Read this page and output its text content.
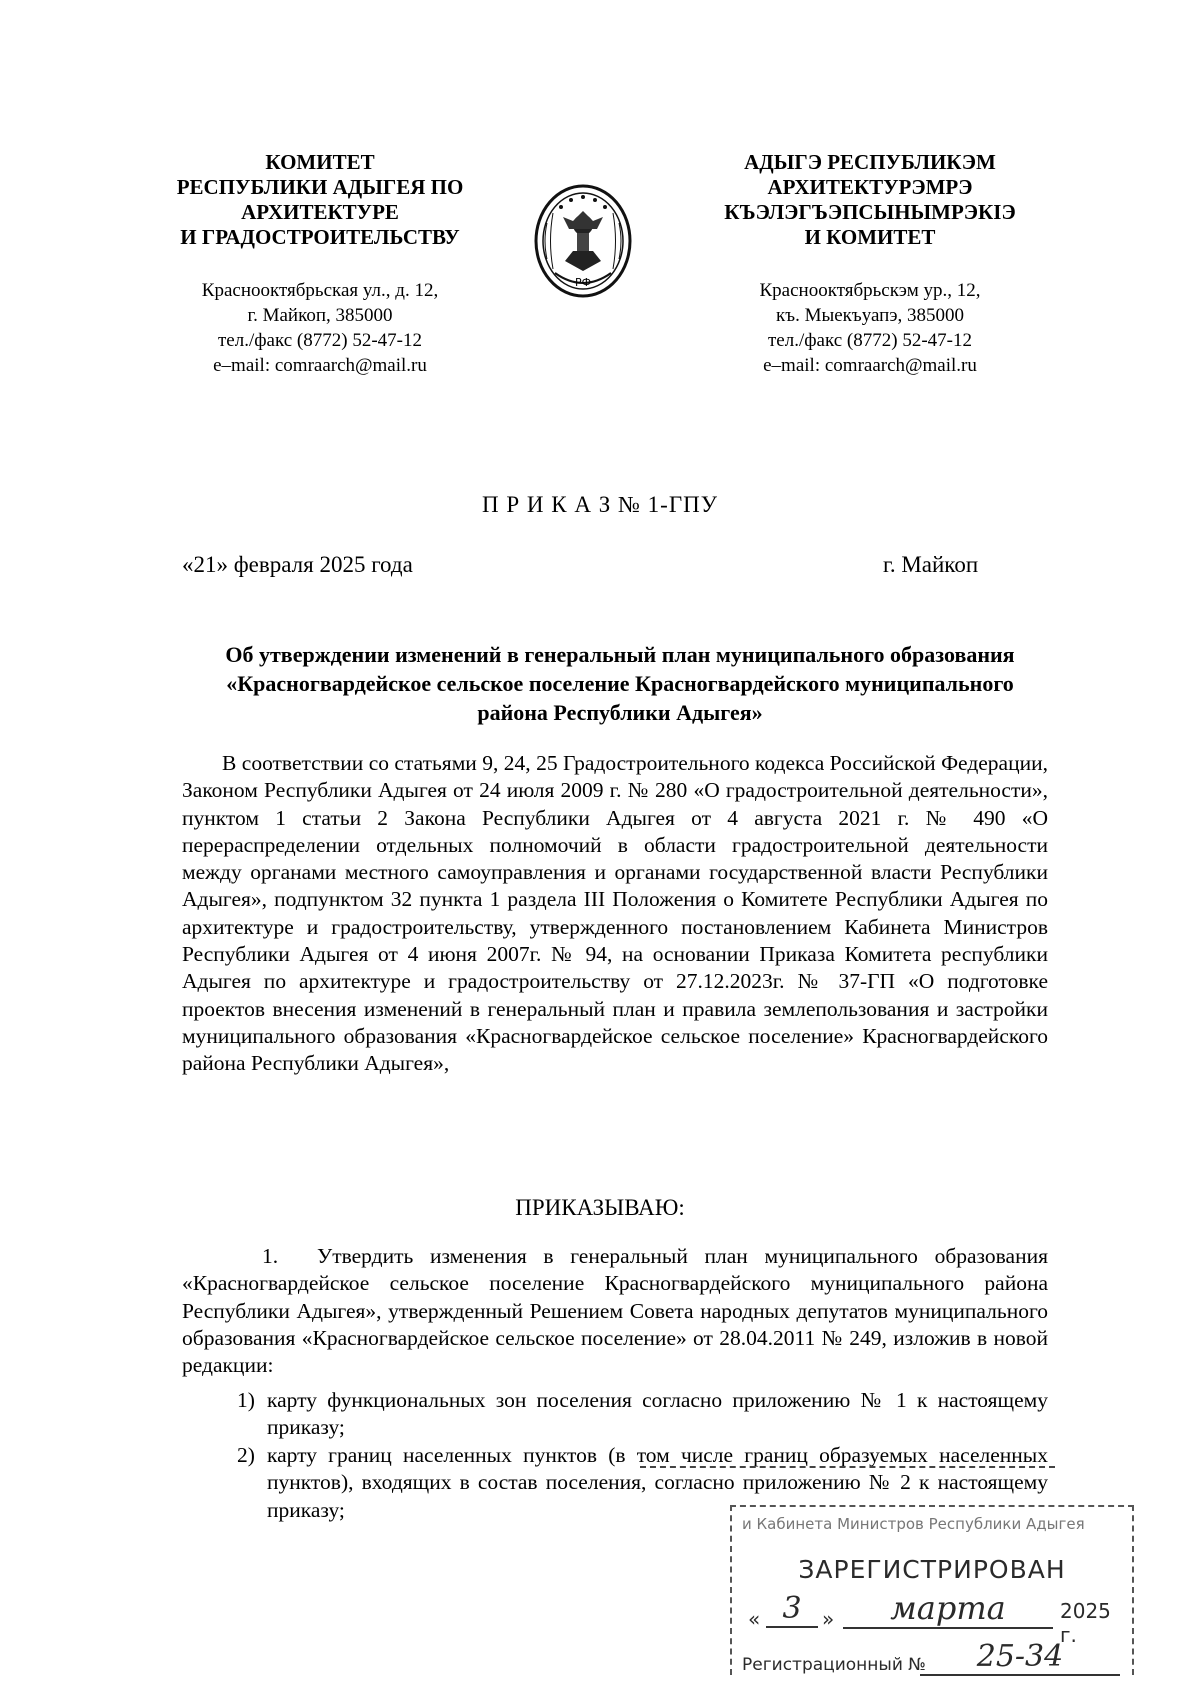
КОМИТЕТ
РЕСПУБЛИКИ АДЫГЕЯ ПО
АРХИТЕКТУРЕ
И ГРАДОСТРОИТЕЛЬСТВУ
Краснооктябрьская ул., д. 12,
г. Майкоп, 385000
тел./факс (8772) 52-47-12
e–mail: comraarch@mail.ru
РФ
АДЫГЭ РЕСПУБЛИКЭМ
АРХИТЕКТУРЭМРЭ
КЪЭЛЭГЪЭПСЫНЫМРЭКІЭ
И КОМИТЕТ
Краснооктябрьскэм ур., 12,
къ. Мыекъуапэ, 385000
тел./факс (8772) 52-47-12
e–mail: comraarch@mail.ru
П Р И К А З № 1-ГПУ
«21» февраля 2025 года	г. Майкоп
Об утверждении изменений в генеральный план муниципального образования «Красногвардейское сельское поселение Красногвардейского муниципального района Республики Адыгея»
В соответствии со статьями 9, 24, 25 Градостроительного кодекса Российской Федерации, Законом Республики Адыгея от 24 июля 2009 г. № 280 «О градостроительной деятельности», пунктом 1 статьи 2 Закона Республики Адыгея от 4 августа 2021 г. № 490 «О перераспределении отдельных полномочий в области градостроительной деятельности между органами местного самоуправления и органами государственной власти Республики Адыгея», подпунктом 32 пункта 1 раздела III Положения о Комитете Республики Адыгея по архитектуре и градостроительству, утвержденного постановлением Кабинета Министров Республики Адыгея от 4 июня 2007г. № 94, на основании Приказа Комитета республики Адыгея по архитектуре и градостроительству от 27.12.2023г. № 37-ГП «О подготовке проектов внесения изменений в генеральный план и правила землепользования и застройки муниципального образования «Красногвардейское сельское поселение» Красногвардейского района Республики Адыгея»,
ПРИКАЗЫВАЮ:
1. Утвердить изменения в генеральный план муниципального образования «Красногвардейское сельское поселение Красногвардейского муниципального района Республики Адыгея», утвержденный Решением Совета народных депутатов муниципального образования «Красногвардейское сельское поселение» от 28.04.2011 № 249, изложив в новой редакции:
1) карту функциональных зон поселения согласно приложению № 1 к настоящему приказу;
2) карту границ населенных пунктов (в том числе границ образуемых населенных пунктов), входящих в состав поселения, согласно приложению № 2 к настоящему приказу;
и Кабинета Министров Республики Адыгея
ЗАРЕГИСТРИРОВАН
« 3	»	марта	2025 г.
Регистрационный №	25-34
